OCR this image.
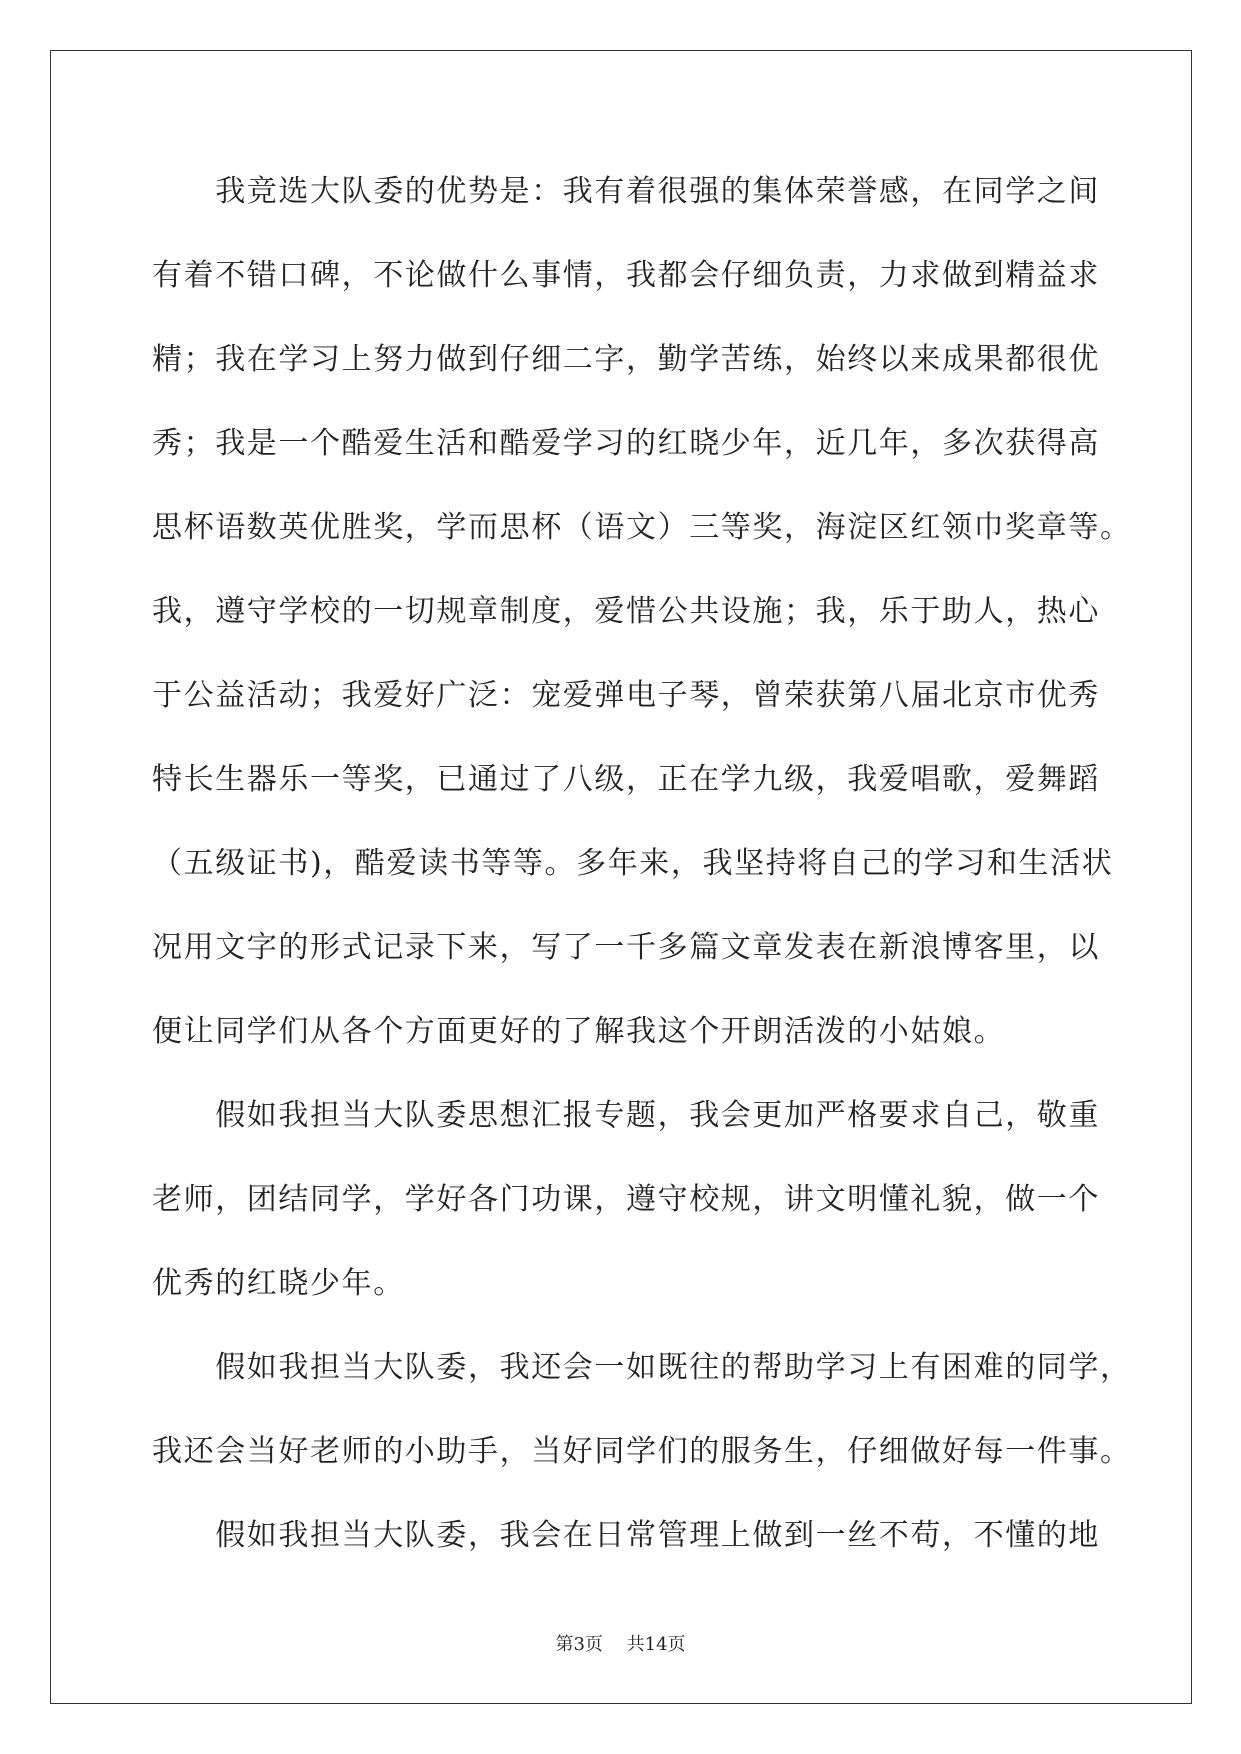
　　我竞选大队委的优势是：我有着很强的集体荣誉感，在同学之间
有着不错口碑，不论做什么事情，我都会仔细负责，力求做到精益求
精；我在学习上努力做到仔细二字，勤学苦练，始终以来成果都很优
秀；我是一个酷爱生活和酷爱学习的红晓少年，近几年，多次获得高
思杯语数英优胜奖，学而思杯（语文）三等奖，海淀区红领巾奖章等。
我，遵守学校的一切规章制度，爱惜公共设施；我，乐于助人，热心
于公益活动；我爱好广泛：宠爱弹电子琴，曾荣获第八届北京市优秀
特长生器乐一等奖，已通过了八级，正在学九级，我爱唱歌，爱舞蹈
（五级证书)，酷爱读书等等。多年来，我坚持将自己的学习和生活状
况用文字的形式记录下来，写了一千多篇文章发表在新浪博客里，以
便让同学们从各个方面更好的了解我这个开朗活泼的小姑娘。
　　假如我担当大队委思想汇报专题，我会更加严格要求自己，敬重
老师，团结同学，学好各门功课，遵守校规，讲文明懂礼貌，做一个
优秀的红晓少年。
　　假如我担当大队委，我还会一如既往的帮助学习上有困难的同学，
我还会当好老师的小助手，当好同学们的服务生，仔细做好每一件事。
　　假如我担当大队委，我会在日常管理上做到一丝不苟，不懂的地
第3页　 共14页
